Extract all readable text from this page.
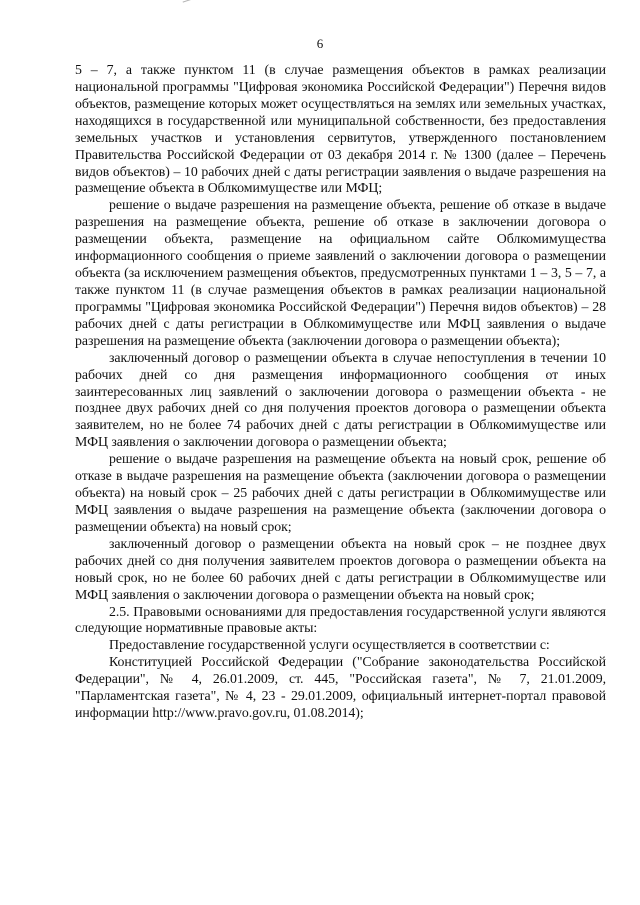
6

5 – 7, а также пунктом 11 (в случае размещения объектов в рамках реализации национальной программы "Цифровая экономика Российской Федерации") Перечня видов объектов, размещение которых может осуществляться на землях или земельных участках, находящихся в государственной или муниципальной собственности, без предоставления земельных участков и установления сервитутов, утвержденного постановлением Правительства Российской Федерации от 03 декабря 2014 г. № 1300 (далее – Перечень видов объектов) – 10 рабочих дней с даты регистрации заявления о выдаче разрешения на размещение объекта в Облкомимуществе или МФЦ;

решение о выдаче разрешения на размещение объекта, решение об отказе в выдаче разрешения на размещение объекта, решение об отказе в заключении договора о размещении объекта, размещение на официальном сайте Облкомимущества информационного сообщения о приеме заявлений о заключении договора о размещении объекта (за исключением размещения объектов, предусмотренных пунктами 1 – 3, 5 – 7, а также пунктом 11 (в случае размещения объектов в рамках реализации национальной программы "Цифровая экономика Российской Федерации") Перечня видов объектов) – 28 рабочих дней с даты регистрации в Облкомимуществе или МФЦ заявления о выдаче разрешения на размещение объекта (заключении договора о размещении объекта);

заключенный договор о размещении объекта в случае непоступления в течении 10 рабочих дней со дня размещения информационного сообщения от иных заинтересованных лиц заявлений о заключении договора о размещении объекта - не позднее двух рабочих дней со дня получения проектов договора о размещении объекта заявителем, но не более 74 рабочих дней с даты регистрации в Облкомимуществе или МФЦ заявления о заключении договора о размещении объекта;

решение о выдаче разрешения на размещение объекта на новый срок, решение об отказе в выдаче разрешения на размещение объекта (заключении договора о размещении объекта) на новый срок – 25 рабочих дней с даты регистрации в Облкомимуществе или МФЦ заявления о выдаче разрешения на размещение объекта (заключении договора о размещении объекта) на новый срок;

заключенный договор о размещении объекта на новый срок – не позднее двух рабочих дней со дня получения заявителем проектов договора о размещении объекта на новый срок, но не более 60 рабочих дней с даты регистрации в Облкомимуществе или МФЦ заявления о заключении договора о размещении объекта на новый срок;

2.5. Правовыми основаниями для предоставления государственной услуги являются следующие нормативные правовые акты:

Предоставление государственной услуги осуществляется в соответствии с:

Конституцией Российской Федерации ("Собрание законодательства Российской Федерации", № 4, 26.01.2009, ст. 445, "Российская газета", № 7, 21.01.2009, "Парламентская газета", № 4, 23 - 29.01.2009, официальный интернет-портал правовой информации http://www.pravo.gov.ru, 01.08.2014);
